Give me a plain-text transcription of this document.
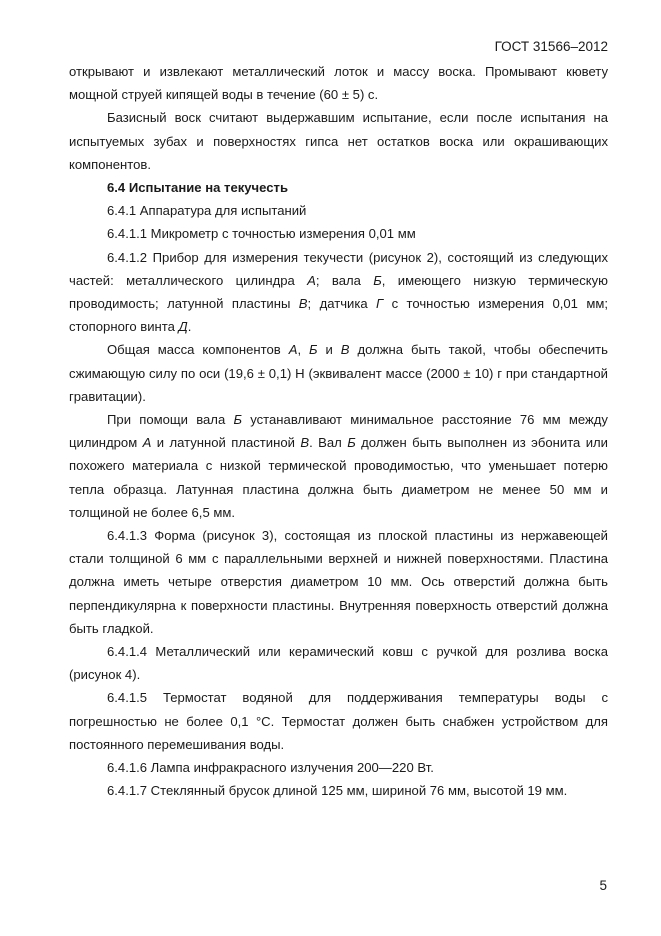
ГОСТ 31566–2012

открывают и извлекают металлический лоток и массу воска. Промывают кювету мощной струей кипящей воды в течение (60 ± 5) с.

Базисный воск считают выдержавшим испытание, если после испытания на испытуемых зубах и поверхностях гипса нет остатков воска или окрашивающих компонентов.

6.4 Испытание на текучесть

6.4.1 Аппаратура для испытаний

6.4.1.1 Микрометр с точностью измерения 0,01 мм

6.4.1.2 Прибор для измерения текучести (рисунок 2), состоящий из следующих частей: металлического цилиндра А; вала Б, имеющего низкую термическую проводимость; латунной пластины В; датчика Г с точностью измерения 0,01 мм; стопорного винта Д.

Общая масса компонентов А, Б и В должна быть такой, чтобы обеспечить сжимающую силу по оси (19,6 ± 0,1) Н (эквивалент массе (2000 ± 10) г при стандартной гравитации).

При помощи вала Б устанавливают минимальное расстояние 76 мм между цилиндром А и латунной пластиной В. Вал Б должен быть выполнен из эбонита или похожего материала с низкой термической проводимостью, что уменьшает потерю тепла образца. Латунная пластина должна быть диаметром не менее 50 мм и толщиной не более 6,5 мм.

6.4.1.3 Форма (рисунок 3), состоящая из плоской пластины из нержавеющей стали толщиной 6 мм с параллельными верхней и нижней поверхностями. Пластина должна иметь четыре отверстия диаметром 10 мм. Ось отверстий должна быть перпендикулярна к поверхности пластины. Внутренняя поверхность отверстий должна быть гладкой.

6.4.1.4 Металлический или керамический ковш с ручкой для розлива воска (рисунок 4).

6.4.1.5 Термостат водяной для поддерживания температуры воды с погрешностью не более 0,1 °С. Термостат должен быть снабжен устройством для постоянного перемешивания воды.

6.4.1.6 Лампа инфракрасного излучения 200—220 Вт.

6.4.1.7 Стеклянный брусок длиной 125 мм, шириной 76 мм, высотой 19 мм.

5
